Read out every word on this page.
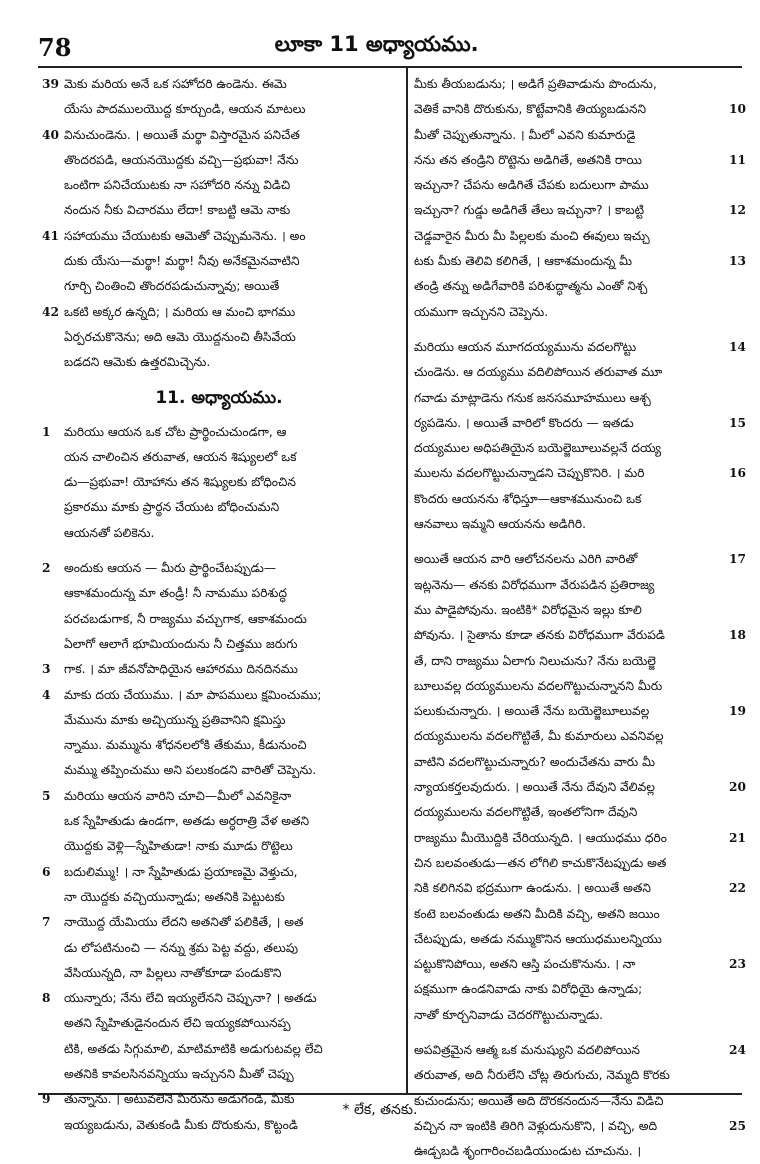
78	లూకా 11 అధ్యాయము.
39 మెకు మరియ అనే ఒక సహోదరి ఉండెను. ఈమె
యేసు పాదములయొద్ద కూర్చుండి, ఆయన మాటలు
40 వినుచుండెను. । అయితే మర్థా విస్తారమైన పనిచేత
తొందరపడి, ఆయనయొద్దకు వచ్చి—ప్రభువా! నేను
ఒంటిగా పనిచేయుటకు నా సహోదరి నన్ను విడిచి
నందున నీకు విచారము లేదా! కాబట్టి ఆమె నాకు
41 సహాయము చేయుటకు ఆమెతో చెప్పుమనెను. । అం
దుకు యేసు—మర్థా! మర్థా! నీవు అనేకమైనవాటిని
గూర్చి చింతించి తొందరపడుచున్నావు; అయితే
42 ఒకటి అక్కర ఉన్నది; । మరియ ఆ మంచి భాగము
ఏర్పరచుకొనెను; అది ఆమె యొద్దనుంచి తీసివేయ
బడదని ఆమెకు ఉత్తరమిచ్చెను.
11. అధ్యాయము.
1 మరియు ఆయన ఒక చోట ప్రార్థించుచుండగా, ఆ
యన చాలించిన తరువాత, ఆయన శిష్యులలో ఒక
డు—ప్రభువా! యోహాను తన శిష్యులకు బోధించిన
ప్రకారము మాకు ప్రార్థన చేయుట బోధించుమని
ఆయనతో పలికెను.
2 అందుకు ఆయన — మీరు ప్రార్థించేటప్పుడు—
ఆకాశమందున్న మా తండ్రీ! నీ నామము పరిశుద్ధ
పరచబడుగాక, నీ రాజ్యము వచ్చుగాక, ఆకాశమందు
ఏలాగో ఆలాగే భూమియందును నీ చిత్తము జరుగు
3 గాక. । మా జీవనోపాధియైన ఆహారము దినదినము
4 మాకు దయ చేయుము. । మా పాపములు క్షమించుము;
మేమును మాకు అచ్చియున్న ప్రతివానిని క్షమిస్తు
న్నాము. మమ్మును శోధనలలోకి తేకుము, కీడునుంచి
మమ్ము తప్పించుము అని పలుకండని వారితో చెప్పెను.
5 మరియు ఆయన వారిని చూచి—మీలో ఎవనికైనా
ఒక స్నేహితుడు ఉండగా, అతడు అర్ధరాత్రి వేళ అతని
యొద్దకు వెళ్లి—స్నేహితుడా! నాకు మూడు రొట్టెలు
6 బదులిమ్ము! । నా స్నేహితుడు ప్రయాణమై వెళ్తుచు,
నా యొద్దకు వచ్చియున్నాడు; అతనికి పెట్టుటకు
7 నాయొద్ద యేమియు లేదని అతనితో పలికితే, । అత
డు లోపటినుంచి — నన్ను శ్రమ పెట్ట వద్దు, తలుపు
వేసియున్నది, నా పిల్లలు నాతోకూడా పండుకొని
8 యున్నారు; నేను లేచి ఇయ్యలేనని చెప్పునా? । అతడు
అతని స్నేహితుడైనందున లేచి ఇయ్యకపోయినప్ప
టికి, అతడు సిగ్గుమాలి, మాటిమాటికి అడుగుటవల్ల లేచి
అతనికి కావలసినవన్నియు ఇచ్చునని మీతో చెప్పు
9 తున్నాను. । అటువలెనే మీరును అడుగండి, మీకు
ఇయ్యబడును, వెతుకండి మీకు దొరుకును, కొట్టండి
మీకు తీయబడును; । అడిగే ప్రతివాడును పొందును,
10
వెతికే వానికి దొరుకును, కొట్టేవానికి తియ్యబడునని
మీతో చెప్పుతున్నాను. । మీలో ఎవని కుమారుడై
11
నను తన తండ్రిని రొట్టెను అడిగితే, అతనికి రాయి
ఇచ్చునా? చేపను అడిగితే చేపకు బదులుగా పాము
12
ఇచ్చునా? గుడ్డు అడిగితే తేలు ఇచ్చునా? । కాబట్టి
చెడ్డవారైన మీరు మీ పిల్లలకు మంచి ఈవులు ఇచ్చు
13
టకు మీకు తెలివి కలిగితే, । ఆకాశమందున్న మీ
తండ్రి తన్ను అడిగేవారికి పరిశుద్ధాత్మను ఎంతో నిశ్చ
యముగా ఇచ్చునని చెప్పెను.
14
మరియు ఆయన మూగదయ్యమును వదలగొట్టు
చుండెను. ఆ దయ్యము వదిలిపోయిన తరువాత మూ
గవాడు మాట్లాడెను గనుక జనసమూహములు ఆశ్చ
15
ర్యపడెను. । అయితే వారిలో కొందరు — ఇతడు
దయ్యముల అధిపతియైన బయెల్జెబూలువల్లనే దయ్య
16
ములను వదలగొట్టుచున్నాడని చెప్పుకొనిరి. । మరి
కొందరు ఆయనను శోధిస్తూ—ఆకాశమునుంచి ఒక
ఆనవాలు ఇమ్మని ఆయనను అడిగిరి.
17
అయితే ఆయన వారి ఆలోచనలను ఎరిగి వారితో
ఇట్లనెను— తనకు విరోధముగా వేరుపడిన ప్రతిరాజ్య
ము పాడైపోవును. ఇంటికి* విరోధమైన ఇల్లు కూలి
18
పోవును. । సైతాను కూడా తనకు విరోధముగా వేరుపడి
తే, దాని రాజ్యము ఏలాగు నిలుచును? నేను బయెల్జె
బూలువల్ల దయ్యములను వదలగొట్టుచున్నానని మీరు
19
పలుకుచున్నారు. । అయితే నేను బయెల్జెబూలువల్ల
దయ్యములను వదలగొట్టితే, మీ కుమారులు ఎవనివల్ల
వాటిని వదలగొట్టుచున్నారు? అందుచేతను వారు మీ
20
న్యాయకర్తలవుదురు. । అయితే నేను దేవుని వేలివల్ల
దయ్యములను వదలగొట్టితే, ఇంతలోనిగా దేవుని
21
రాజ్యము మీయొద్దికి చేరియున్నది. । ఆయుధము ధరిం
చిన బలవంతుడు—తన లోగిలి కాచుకొనేటప్పుడు అత
22
నికి కలిగినవి భద్రముగా ఉండును. । అయితే అతని
కంటె బలవంతుడు అతని మీదికి వచ్చి, అతని జయిం
చేటప్పుడు, అతడు నమ్ముకొనిన ఆయుధములన్నియు
23
పట్టుకొనిపోయి, అతని ఆస్తి పంచుకొనును. । నా
పక్షముగా ఉండనివాడు నాకు విరోధియై ఉన్నాడు;
నాతో కూర్చనివాడు చెదరగొట్టుచున్నాడు.
24
అపవిత్రమైన ఆత్మ ఒక మనుష్యుని వదలిపోయిన
తరువాత, అది నీరులేని చోట్ల తిరుగుచు, నెమ్మది కొరకు
కుచుండును; అయితే అది దొరకనందున—నేను విడిచి
25
వచ్చిన నా ఇంటికి తిరిగి వెళ్లుదునుకొని, । వచ్చి, అది
ఊడ్చబడి శృంగారించబడియుండుట చూచును. ।
* లేక, తనకు.
